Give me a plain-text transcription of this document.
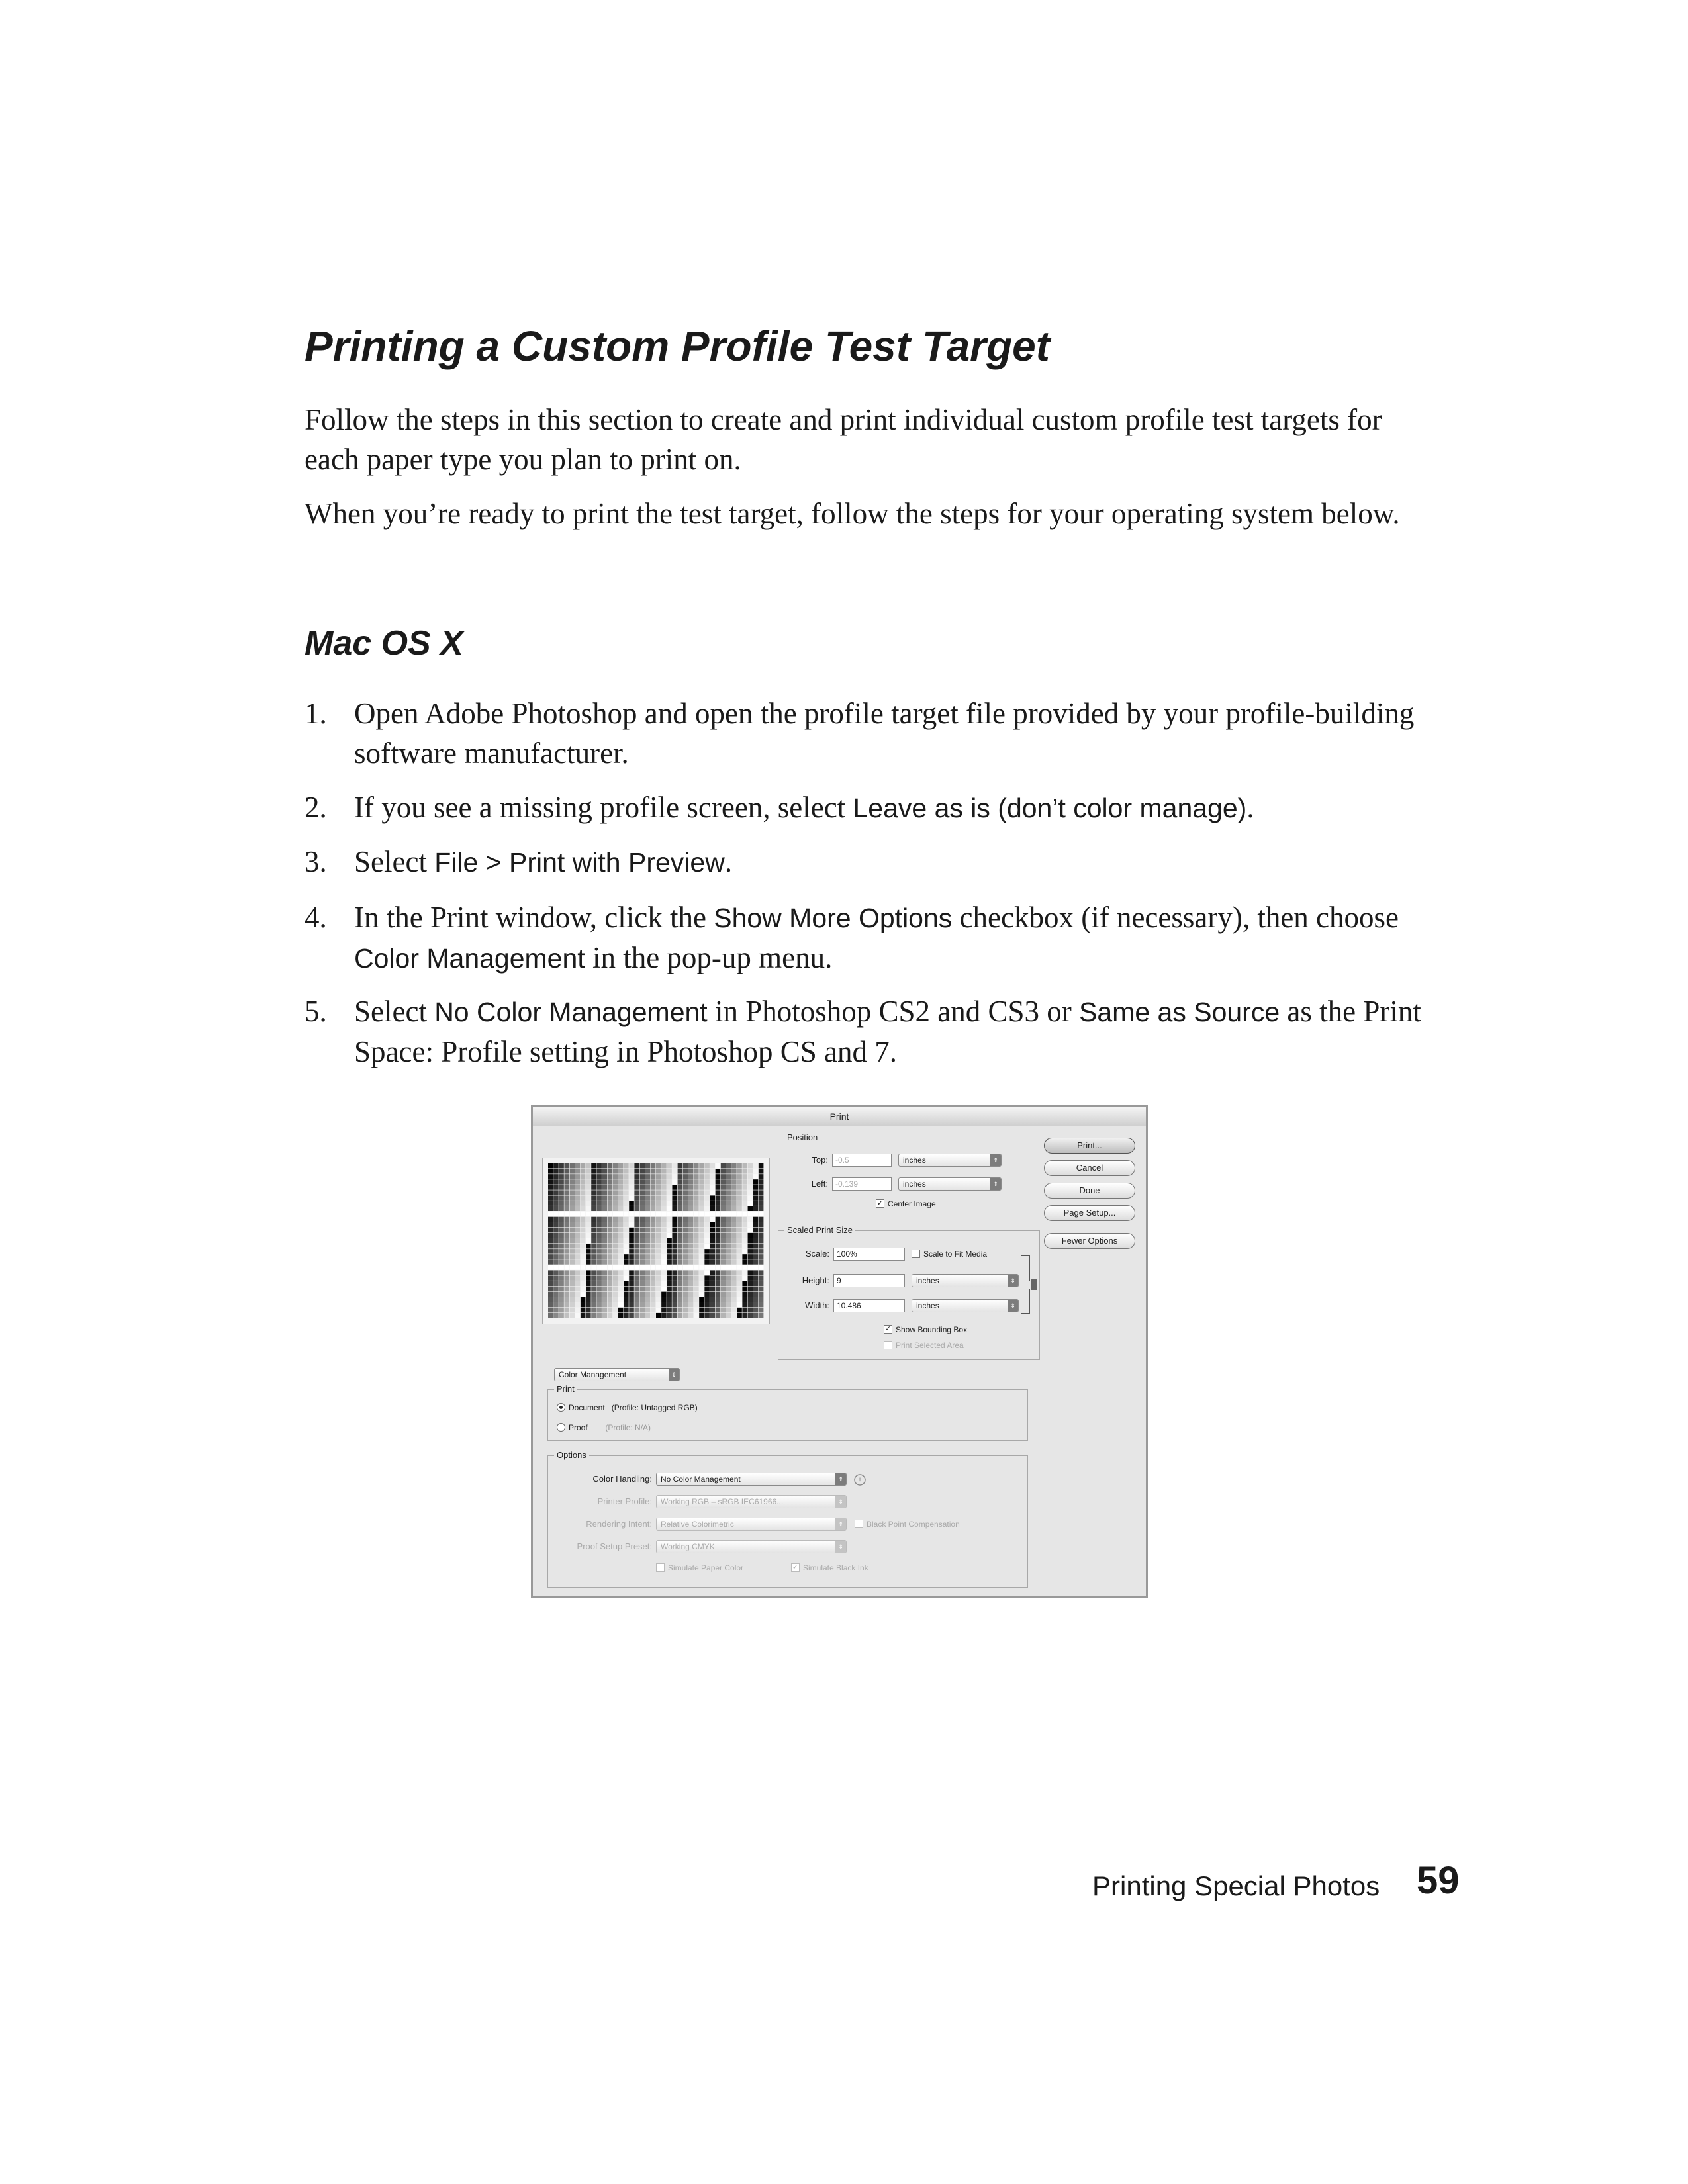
Printing a Custom Profile Test Target

Follow the steps in this section to create and print individual custom profile test targets for each paper type you plan to print on.

When you’re ready to print the test target, follow the steps for your operating system below.

Mac OS X
1. Open Adobe Photoshop and open the profile target file provided by your profile-building software manufacturer.
2. If you see a missing profile screen, select Leave as is (don’t color manage).
3. Select File > Print with Preview.
4. In the Print window, click the Show More Options checkbox (if necessary), then choose Color Management in the pop-up menu.
5. Select No Color Management in Photoshop CS2 and CS3 or Same as Source as the Print Space: Profile setting in Photoshop CS and 7.
Print
Position
Top: -0.5	inches	⇕
Left: -0.139	inches	⇕
✓ Center Image
Scaled Print Size
Scale: 100%	Scale to Fit Media
Height: 9	inches	⇕
Width: 10.486	inches	⇕
✓ Show Bounding Box
Print Selected Area
Print...
Cancel
Done
Page Setup...
Fewer Options
Color Management	⇕
Print
Document (Profile: Untagged RGB)
Proof (Profile: N/A)
Options
Color Handling:	No Color Management	⇕	!
Printer Profile:	Working RGB – sRGB IEC61966...	⇕
Rendering Intent:	Relative Colorimetric	⇕	Black Point Compensation
Proof Setup Preset:	Working CMYK	⇕
Simulate Paper Color	✓ Simulate Black Ink
Printing Special Photos 59
